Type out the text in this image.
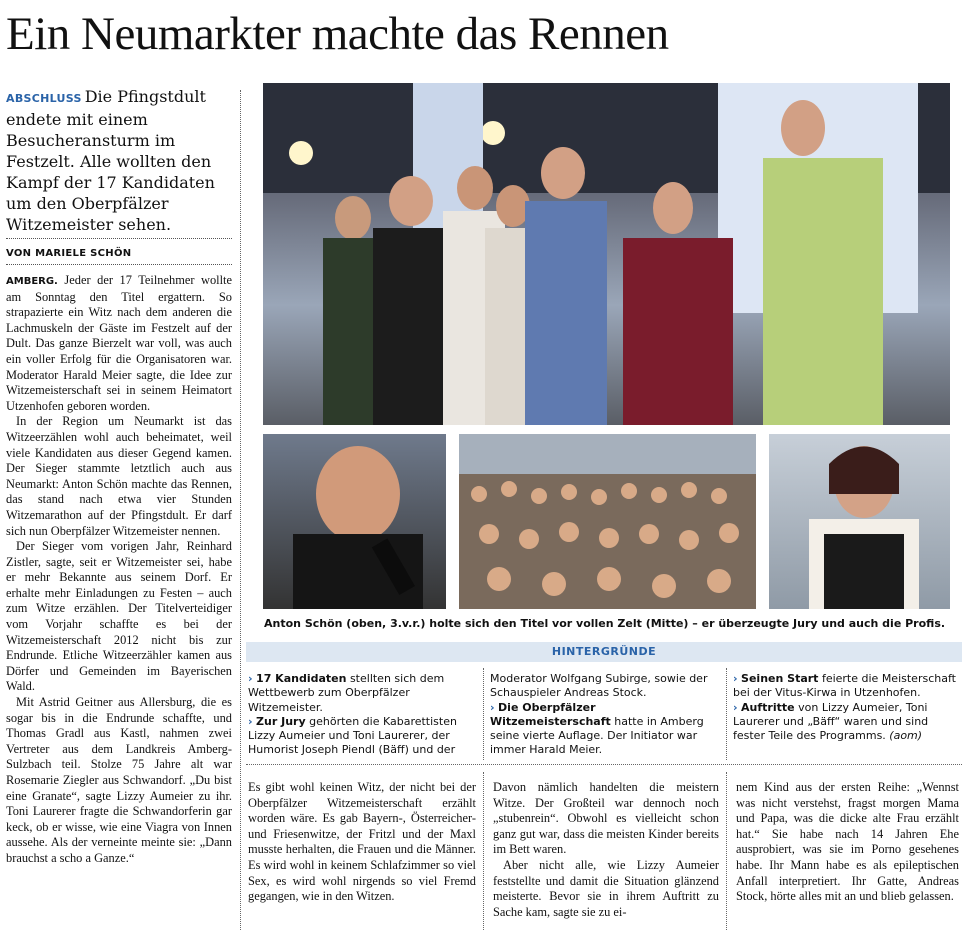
Ein Neumarkter machte das Rennen
ABSCHLUSS Die Pfingstdult endete mit einem Besucheransturm im Festzelt. Alle wollten den Kampf der 17 Kandidaten um den Oberpfälzer Witzemeister sehen.
VON MARIELE SCHÖN

AMBERG. Jeder der 17 Teilnehmer wollte am Sonntag den Titel ergattern. So strapazierte ein Witz nach dem anderen die Lachmuskeln der Gäste im Festzelt auf der Dult. Das ganze Bierzelt war voll, was auch ein voller Erfolg für die Organisatoren war. Moderator Harald Meier sagte, die Idee zur Witzemeisterschaft sei in seinem Heimatort Utzenhofen geboren worden.

In der Region um Neumarkt ist das Witzeerzählen wohl auch beheimatet, weil viele Kandidaten aus dieser Gegend kamen. Der Sieger stammte letztlich auch aus Neumarkt: Anton Schön machte das Rennen, das stand nach etwa vier Stunden Witzemarathon auf der Pfingstdult. Er darf sich nun Oberpfälzer Witzemeister nennen.

Der Sieger vom vorigen Jahr, Reinhard Zistler, sagte, seit er Witzemeister sei, habe er mehr Bekannte aus seinem Dorf. Er erhalte mehr Einladungen zu Festen – auch zum Witze erzählen. Der Titelverteidiger vom Vorjahr schaffte es bei der Witzemeisterschaft 2012 nicht bis zur Endrunde. Etliche Witzeerzähler kamen aus Dörfer und Gemeinden im Bayerischen Wald.

Mit Astrid Geitner aus Allersburg, die es sogar bis in die Endrunde schaffte, und Thomas Gradl aus Kastl, nahmen zwei Vertreter aus dem Landkreis Amberg-Sulzbach teil. Stolze 75 Jahre alt war Rosemarie Ziegler aus Schwandorf. „Du bist eine Granate“, sagte Lizzy Aumeier zu ihr. Toni Laurerer fragte die Schwandorferin gar keck, ob er wisse, wie eine Viagra von Innen aussehe. Als der verneinte meinte sie: „Dann brauchst a scho a Ganze.“

Anton Schön (oben, 3.v.r.) holte sich den Titel vor vollen Zelt (Mitte) – er überzeugte Jury und auch die Profis.
HINTERGRÜNDE
› 17 Kandidaten stellten sich dem Wettbewerb zum Oberpfälzer Witzemeister.
› Zur Jury gehörten die Kabarettisten Lizzy Aumeier und Toni Laurerer, der Humorist Joseph Piendl (Bäff) und der
Moderator Wolfgang Subirge, sowie der Schauspieler Andreas Stock.
› Die Oberpfälzer Witzemeisterschaft hatte in Amberg seine vierte Auflage. Der Initiator war immer Harald Meier.
› Seinen Start feierte die Meisterschaft bei der Vitus-Kirwa in Utzenhofen.
› Auftritte von Lizzy Aumeier, Toni Laurerer und „Bäff“ waren und sind fester Teile des Programms. (aom)

Es gibt wohl keinen Witz, der nicht bei der Oberpfälzer Witzemeisterschaft erzählt worden wäre. Es gab Bayern-, Österreicher- und Friesenwitze, der Fritzl und der Maxl musste herhalten, die Frauen und die Männer. Es wird wohl in keinem Schlafzimmer so viel Sex, es wird wohl nirgends so viel Fremd gegangen, wie in den Witzen.

Davon nämlich handelten die meistern Witze. Der Großteil war dennoch noch „stubenrein“. Obwohl es vielleicht schon ganz gut war, dass die meisten Kinder bereits im Bett waren.

Aber nicht alle, wie Lizzy Aumeier feststellte und damit die Situation glänzend meisterte. Bevor sie in ihrem Auftritt zu Sache kam, sagte sie zu ei-

nem Kind aus der ersten Reihe: „Wennst was nicht verstehst, fragst morgen Mama und Papa, was die dicke alte Frau erzählt hat.“ Sie habe nach 14 Jahren Ehe ausprobiert, was sie im Porno gesehenes habe. Ihr Mann habe es als epileptischen Anfall interpretiert. Ihr Gatte, Andreas Stock, hörte alles mit an und blieb gelassen.
